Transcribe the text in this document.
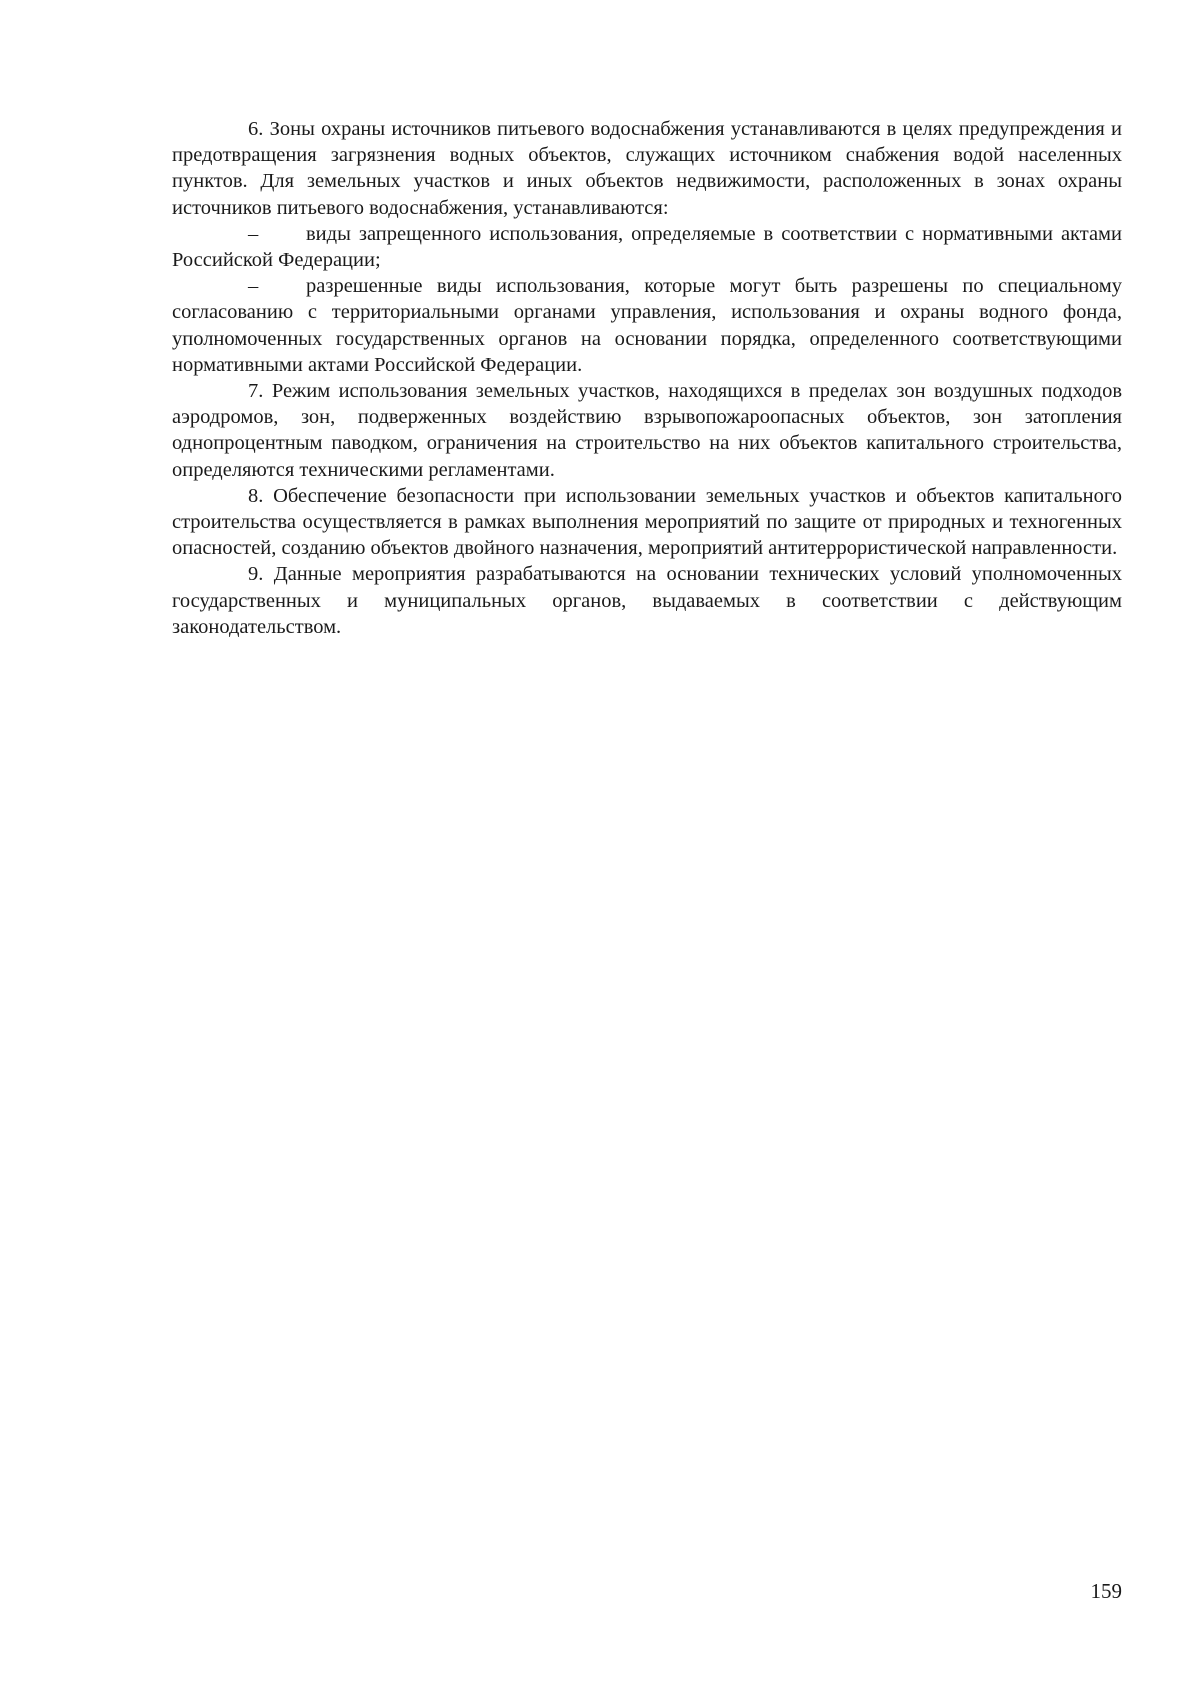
6. Зоны охраны источников питьевого водоснабжения устанавливаются в целях предупреждения и предотвращения загрязнения водных объектов, служащих источником снабжения водой населенных пунктов. Для земельных участков и иных объектов недвижимости, расположенных в зонах охраны источников питьевого водоснабжения, устанавливаются:

– виды запрещенного использования, определяемые в соответствии с нормативными актами Российской Федерации;

– разрешенные виды использования, которые могут быть разрешены по специальному согласованию с территориальными органами управления, использования и охраны водного фонда, уполномоченных государственных органов на основании порядка, определенного соответствующими нормативными актами Российской Федерации.

7. Режим использования земельных участков, находящихся в пределах зон воздушных подходов аэродромов, зон, подверженных воздействию взрывопожароопасных объектов, зон затопления однопроцентным паводком, ограничения на строительство на них объектов капитального строительства, определяются техническими регламентами.

8. Обеспечение безопасности при использовании земельных участков и объектов капитального строительства осуществляется в рамках выполнения мероприятий по защите от природных и техногенных опасностей, созданию объектов двойного назначения, мероприятий антитеррористической направленности.

9. Данные мероприятия разрабатываются на основании технических условий уполномоченных государственных и муниципальных органов, выдаваемых в соответствии с действующим законодательством.

159
